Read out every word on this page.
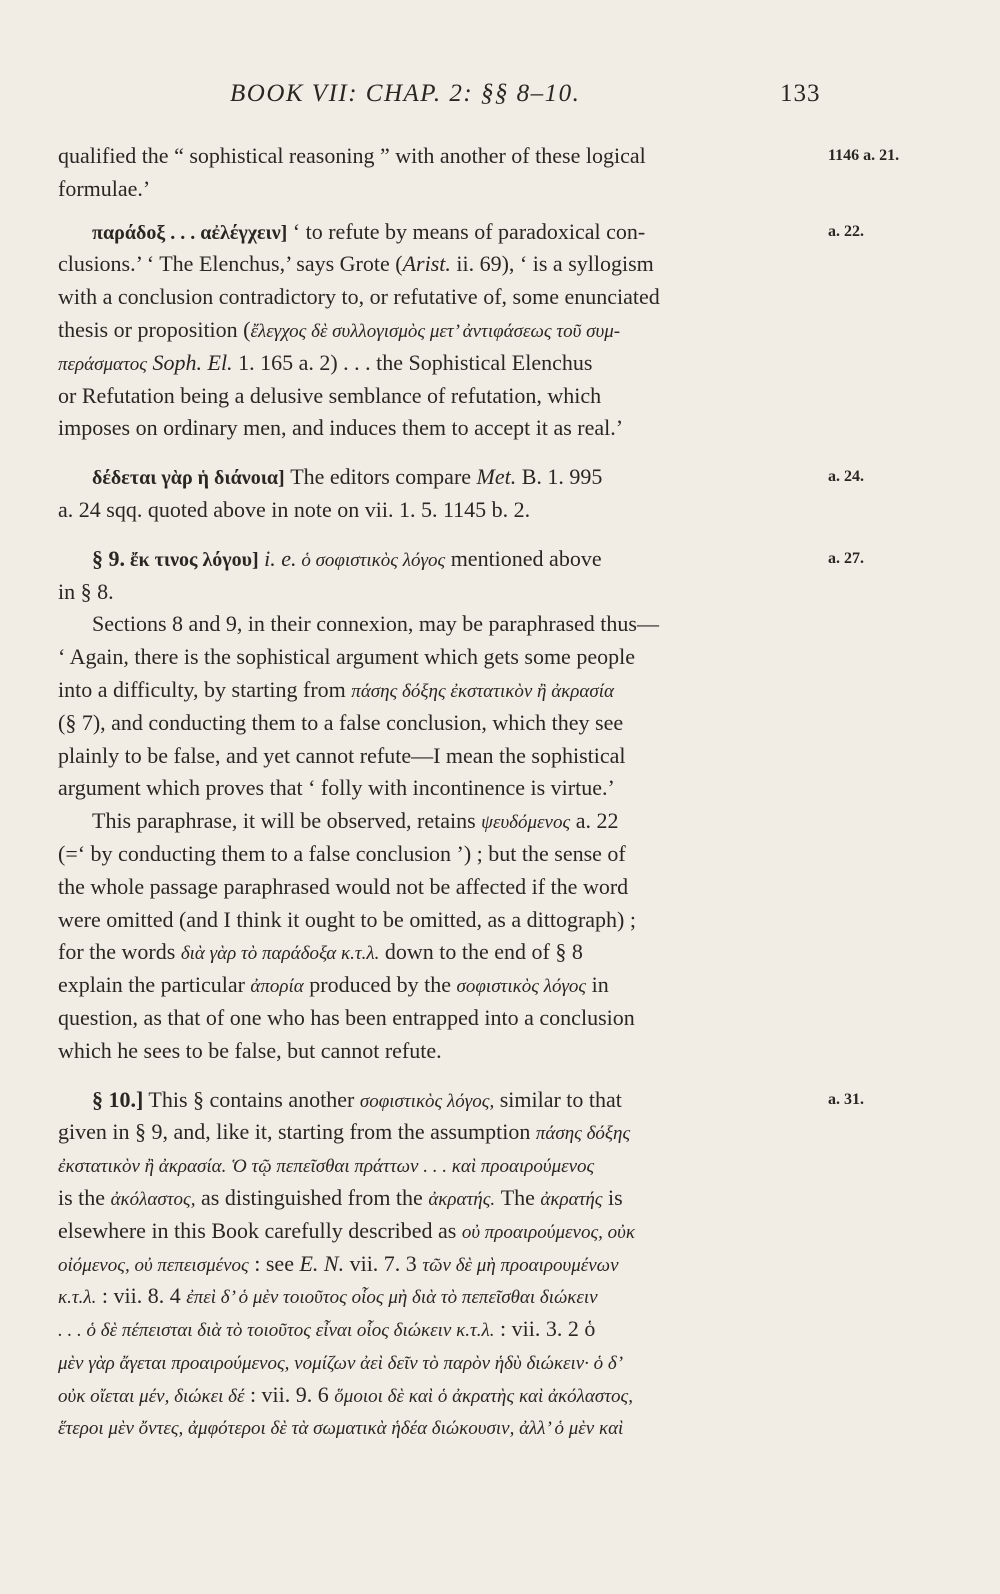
BOOK VII: CHAP. 2: §§ 8–10.	133
qualified the “ sophistical reasoning ” with another of these logical	1146 a. 21.
formulae.’
παράδοξ . . . αἐλέγχειν] ‘ to refute by means of paradoxical con-	a. 22.
clusions.’ ‘ The Elenchus,’ says Grote (Arist. ii. 69), ‘ is a syllogism
with a conclusion contradictory to, or refutative of, some enunciated
thesis or proposition (ἔλεγχος δὲ συλλογισμὸς μετ’ ἀντιφάσεως τοῦ συμ-
περάσματος Soph. El. 1. 165 a. 2) . . . the Sophistical Elenchus
or Refutation being a delusive semblance of refutation, which
imposes on ordinary men, and induces them to accept it as real.’
δέδεται γὰρ ἡ διάνοια] The editors compare Met. B. 1. 995	a. 24.
a. 24 sqq. quoted above in note on vii. 1. 5. 1145 b. 2.
§ 9. ἔκ τινος λόγου] i. e. ὁ σοφιστικὸς λόγος mentioned above	a. 27.
in § 8.
Sections 8 and 9, in their connexion, may be paraphrased thus—
‘ Again, there is the sophistical argument which gets some people
into a difficulty, by starting from πάσης δόξης ἐκστατικὸν ἢ ἀκρασία
(§ 7), and conducting them to a false conclusion, which they see
plainly to be false, and yet cannot refute—I mean the sophistical
argument which proves that ‘ folly with incontinence is virtue.’
This paraphrase, it will be observed, retains ψευδόμενος a. 22
(=‘ by conducting them to a false conclusion ’) ; but the sense of
the whole passage paraphrased would not be affected if the word
were omitted (and I think it ought to be omitted, as a dittograph) ;
for the words διὰ γὰρ τὸ παράδοξα κ.τ.λ. down to the end of § 8
explain the particular ἀπορία produced by the σοφιστικὸς λόγος in
question, as that of one who has been entrapped into a conclusion
which he sees to be false, but cannot refute.
§ 10.] This § contains another σοφιστικὸς λόγος, similar to that	a. 31.
given in § 9, and, like it, starting from the assumption πάσης δόξης
ἐκστατικὸν ἢ ἀκρασία. Ὁ τῷ πεπεῖσθαι πράττων . . . καὶ προαιρούμενος
is the ἀκόλαστος, as distinguished from the ἀκρατής. The ἀκρατής is
elsewhere in this Book carefully described as οὐ προαιρούμενος, οὐκ
οἰόμενος, οὐ πεπεισμένος : see E. N. vii. 7. 3 τῶν δὲ μὴ προαιρουμένων
κ.τ.λ. : vii. 8. 4 ἐπεὶ δ’ ὁ μὲν τοιοῦτος οἷος μὴ διὰ τὸ πεπεῖσθαι διώκειν
. . . ὁ δὲ πέπεισται διὰ τὸ τοιοῦτος εἶναι οἷος διώκειν κ.τ.λ. : vii. 3. 2 ὁ
μὲν γὰρ ἄγεται προαιρούμενος, νομίζων ἀεὶ δεῖν τὸ παρὸν ἡδὺ διώκειν· ὁ δ’
οὐκ οἴεται μέν, διώκει δέ : vii. 9. 6 ὅμοιοι δὲ καὶ ὁ ἀκρατὴς καὶ ἀκόλαστος,
ἕτεροι μὲν ὄντες, ἀμφότεροι δὲ τὰ σωματικὰ ἡδέα διώκουσιν, ἀλλ’ ὁ μὲν καὶ
